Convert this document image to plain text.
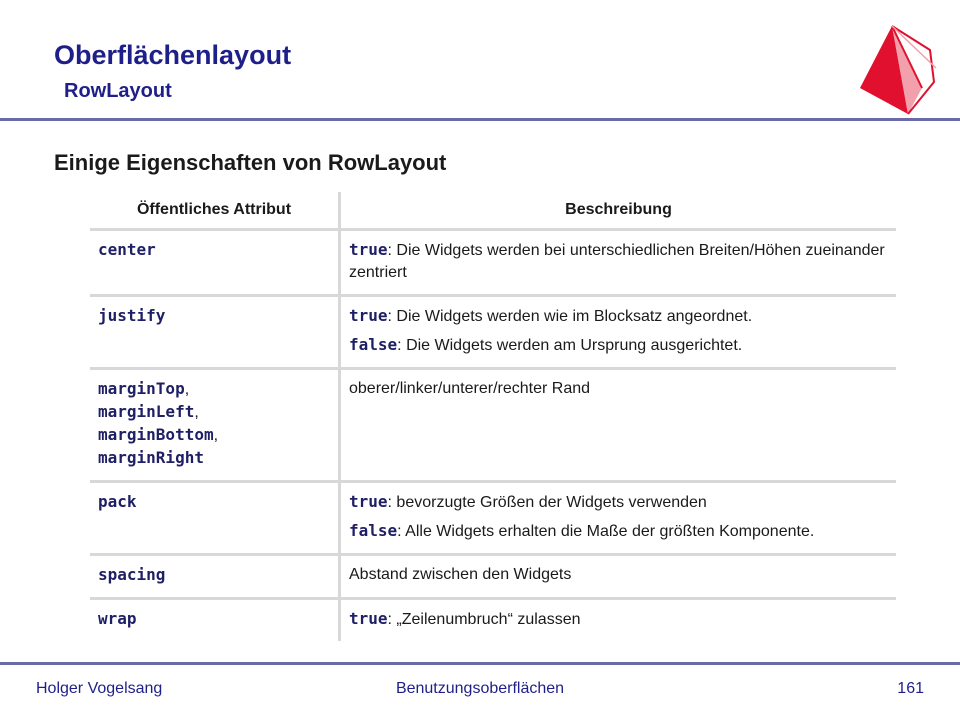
Oberflächenlayout
RowLayout
Einige Eigenschaften von RowLayout
Öffentliches Attribut	Beschreibung

center	true: Die Widgets werden bei unterschiedlichen Breiten/Höhen zueinander zentriert

justify	true: Die Widgets werden wie im Blocksatz angeordnet.
false: Die Widgets werden am Ursprung ausgerichtet.

marginTop,
marginLeft,
marginBottom,
marginRight	oberer/linker/unterer/rechter Rand

pack	true: bevorzugte Größen der Widgets verwenden
false: Alle Widgets erhalten die Maße der größten Komponente.

spacing	Abstand zwischen den Widgets

wrap	true: „Zeilenumbruch“ zulassen
Holger Vogelsang	Benutzungsoberflächen	161
